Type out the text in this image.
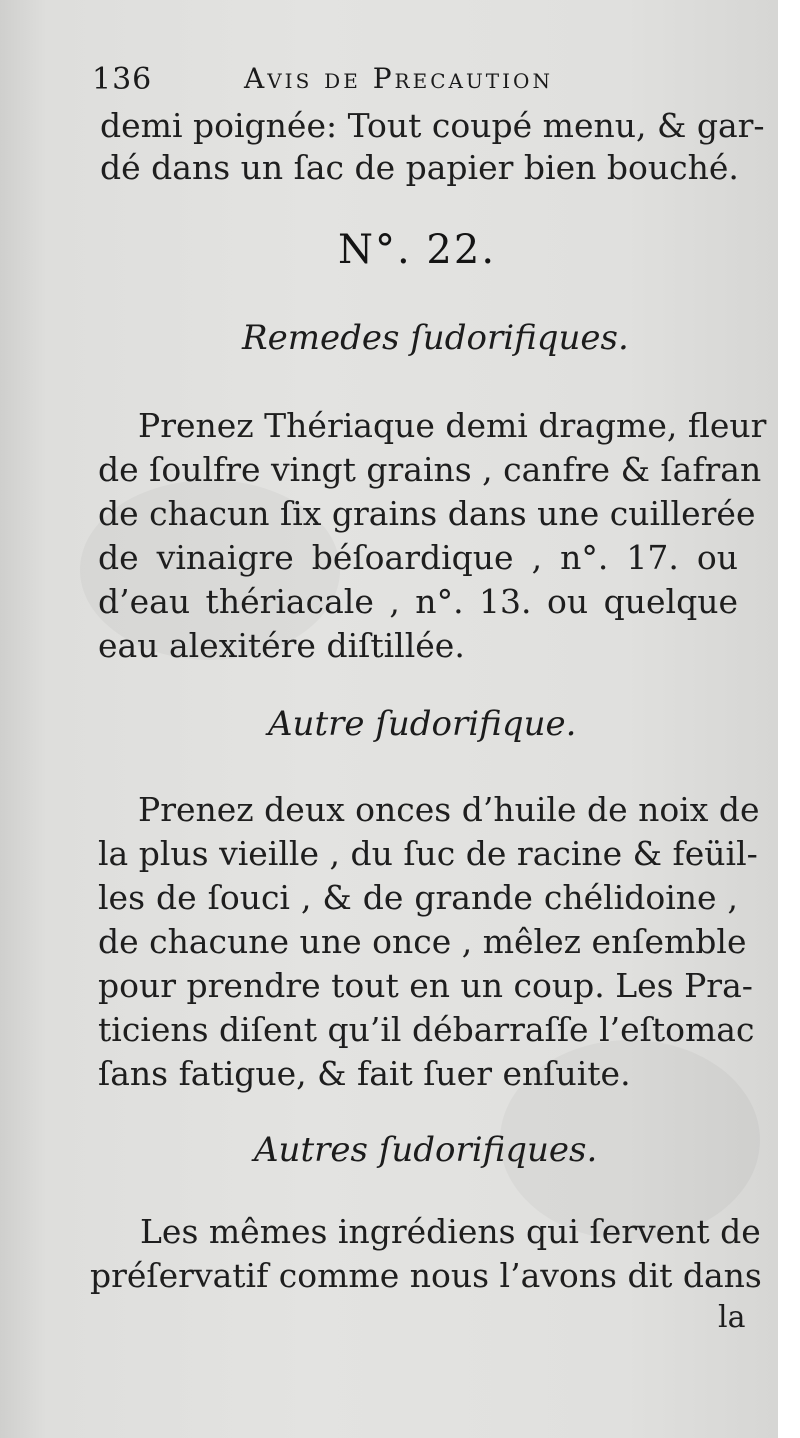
136	Avis de Precaution
demi poignée: Tout coupé menu, & gar-
dé dans un ſac de papier bien bouché.
N°. 22.
Remedes ſudorifiques.
Prenez Thériaque demi dragme, fleur
de ſoulfre vingt grains , canfre & ſafran
de chacun ſix grains dans une cuillerée
de vinaigre béſoardique , n°. 17. ou
d’eau thériacale , n°. 13. ou quelque
eau alexitére diſtillée.
Autre ſudorifique.
Prenez deux onces d’huile de noix de
la plus vieille , du ſuc de racine & feüil-
les de ſouci , & de grande chélidoine ,
de chacune une once , mêlez enſemble
pour prendre tout en un coup. Les Pra-
ticiens diſent qu’il débarraſſe l’eſtomac
ſans fatigue, & fait ſuer enſuite.
Autres ſudorifiques.
Les mêmes ingrédiens qui ſervent de
préſervatif comme nous l’avons dit dans
la
